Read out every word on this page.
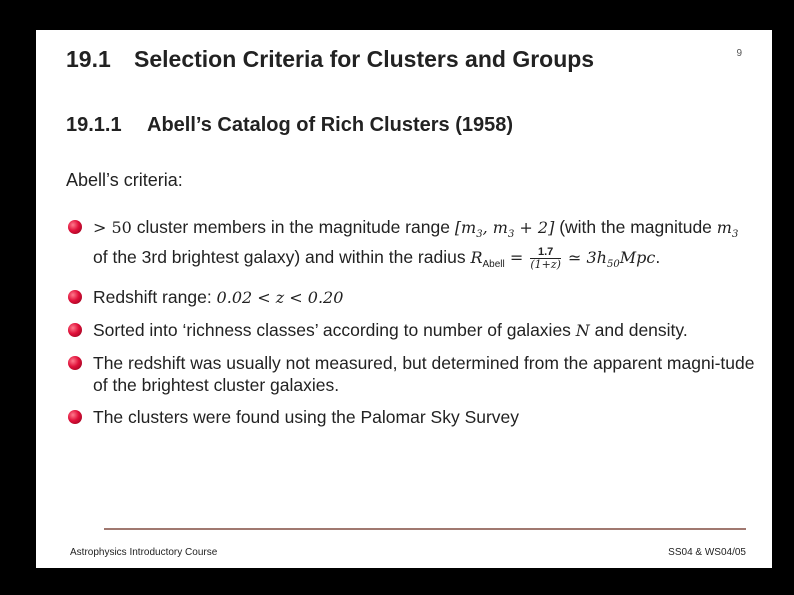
9
19.1 Selection Criteria for Clusters and Groups
19.1.1 Abell’s Catalog of Rich Clusters (1958)
Abell’s criteria:
> 50 cluster members in the magnitude range [$m_3$, $m_3 + 2$] (with the magnitude $m_3$
of the 3rd brightest galaxy) and within the radius $R_{Abell} = \frac{1.7}{(1+z)}$ ≃ $3h_{50}Mpc$.
Redshift range: 0.02 < z < 0.20
Sorted into ‘richness classes’ according to number of galaxies N and density.
The redshift was usually not measured, but determined from the apparent magni-tude of the brightest cluster galaxies.
The clusters were found using the Palomar Sky Survey
Astrophysics Introductory Course	SS04 & WS04/05
